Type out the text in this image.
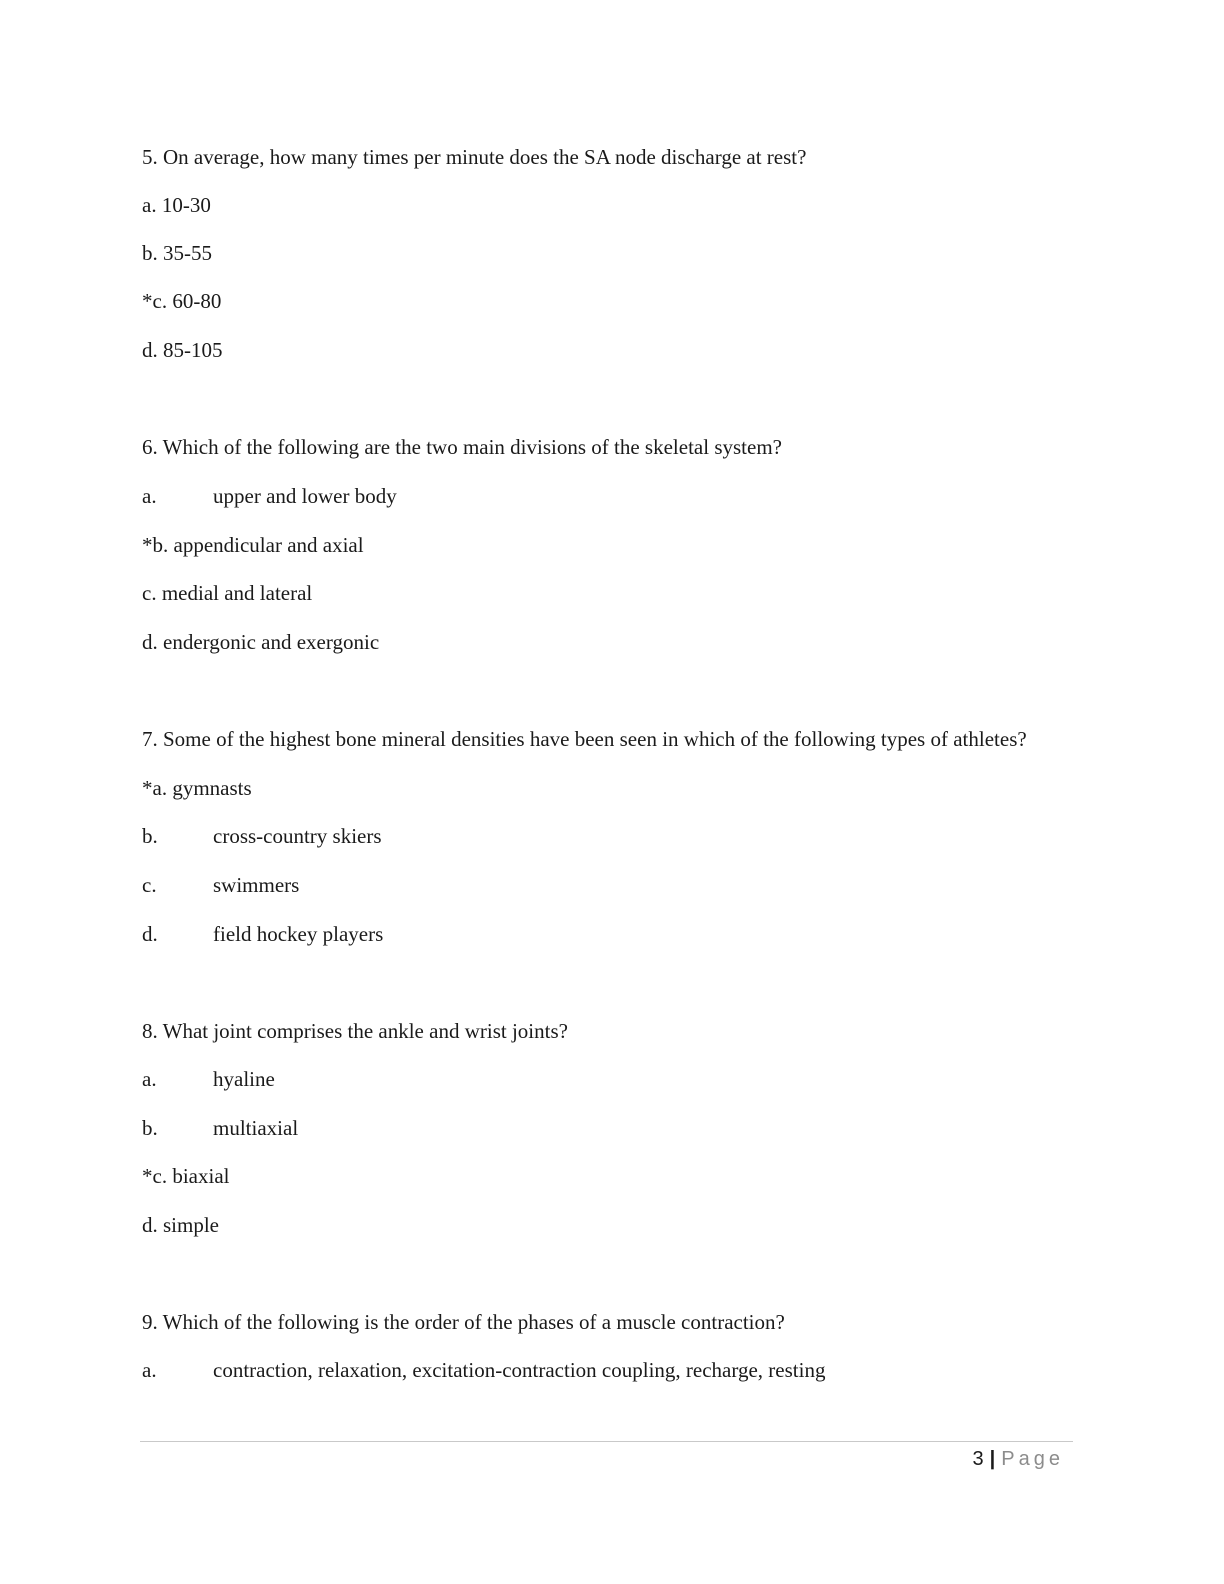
5. On average, how many times per minute does the SA node discharge at rest?
a. 10-30
b. 35-55
*c. 60-80
d. 85-105
6. Which of the following are the two main divisions of the skeletal system?
a.	upper and lower body
*b. appendicular and axial
c. medial and lateral
d. endergonic and exergonic
7. Some of the highest bone mineral densities have been seen in which of the following types of athletes?
*a. gymnasts
b.	cross-country skiers
c.	swimmers
d.	field hockey players
8. What joint comprises the ankle and wrist joints?
a.	hyaline
b.	multiaxial
*c. biaxial
d. simple
9. Which of the following is the order of the phases of a muscle contraction?
a.	contraction, relaxation, excitation-contraction coupling, recharge, resting
3 | Page
